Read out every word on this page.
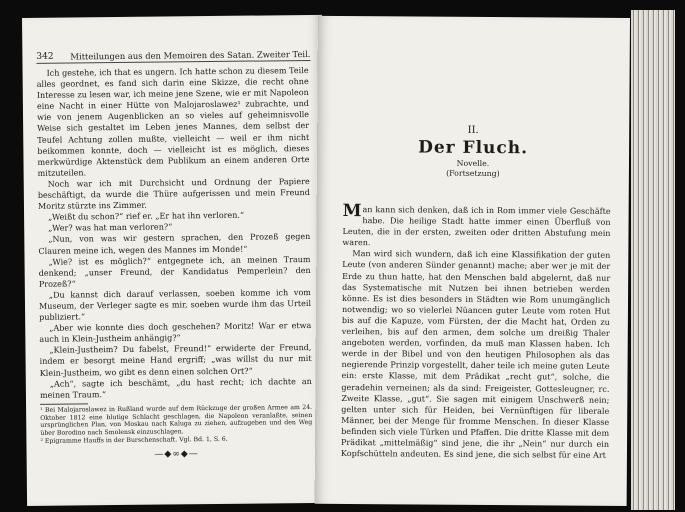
342 Mitteilungen aus den Memoiren des Satan. Zweiter Teil.

Ich gestehe, ich that es ungern. Ich hatte schon zu diesem Teile alles geordnet, es fand sich darin eine Skizze, die recht ohne Interesse zu lesen war, ich meine jene Szene, wie er mit Napoleon eine Nacht in einer Hütte von Malojaroslawez¹ zubrachte, und wie von jenem Augenblicken an so vieles auf geheimnisvolle Weise sich gestaltet im Leben jenes Mannes, dem selbst der Teufel Achtung zollen mußte, vielleicht — weil er ihm nicht beikommen konnte, doch — vielleicht ist es möglich, dieses merkwürdige Aktenstück dem Publikum an einem anderen Orte mitzuteilen.

Noch war ich mit Durchsicht und Ordnung der Papiere beschäftigt, da wurde die Thüre aufgerissen und mein Freund Moritz stürzte ins Zimmer.

„Weißt du schon?“ rief er. „Er hat ihn verloren.“

„Wer? was hat man verloren?“

„Nun, von was wir gestern sprachen, den Prozeß gegen Clauren meine ich, wegen des Mannes im Monde!“

„Wie? ist es möglich?“ entgegnete ich, an meinen Traum denkend; „unser Freund, der Kandidatus Pemperlein? den Prozeß?“

„Du kannst dich darauf verlassen, soeben komme ich vom Museum, der Verleger sagte es mir, soeben wurde ihm das Urteil publiziert.“

„Aber wie konnte dies doch geschehen? Moritz! War er etwa auch in Klein-Justheim anhängig?“

„Klein-Justheim? Du fabelst, Freund!“ erwiderte der Freund, indem er besorgt meine Hand ergriff; „was willst du nur mit Klein-Justheim, wo gibt es denn einen solchen Ort?“

„Ach“, sagte ich beschämt, „du hast recht; ich dachte an meinen Traum.“

¹ Bei Malojaroslawez in Rußland wurde auf dem Rückzuge der großen Armee am 24. Oktober 1812 eine blutige Schlacht geschlagen, die Napoleon veranlaßte, seinen ursprünglichen Plan, von Moskau nach Kaluga zu ziehen, aufzugeben und den Weg über Borodino nach Smolensk einzuschlagen.

² Epigramme Hauffs in der Burschenschaft. Vgl. Bd. 1, S. 6.

—◆∞◆—
II.
Der Fluch.
Novelle.
(Fortsetzung)

Man kann sich denken, daß ich in Rom immer viele Geschäfte habe. Die heilige Stadt hatte immer einen Überfluß von Leuten, die in der ersten, zweiten oder dritten Abstufung mein waren.

Man wird sich wundern, daß ich eine Klassifikation der guten Leute (von anderen Sünder genannt) mache; aber wer je mit der Erde zu thun hatte, hat den Menschen bald abgelernt, daß nur das Systematische mit Nutzen bei ihnen betrieben werden könne. Es ist dies besonders in Städten wie Rom unumgänglich notwendig; wo so vielerlei Nüancen guter Leute vom roten Hut bis auf die Kapuze, vom Fürsten, der die Macht hat, Orden zu verleihen, bis auf den armen, dem solche um dreißig Thaler angeboten werden, vorfinden, da muß man Klassen haben. Ich werde in der Bibel und von den heutigen Philosophen als das negierende Prinzip vorgestellt, daher teile ich meine guten Leute ein: erste Klasse, mit dem Prädikat „recht gut“, solche, die geradehin verneinen; als da sind: Freigeister, Gottesleugner, rc. Zweite Klasse, „gut“. Sie sagen mit einigem Unschwerß nein; gelten unter sich für Heiden, bei Vernünftigen für liberale Männer, bei der Menge für fromme Menschen. In dieser Klasse befinden sich viele Türken und Pfaffen. Die dritte Klasse mit dem Prädikat „mittelmäßig“ sind jene, die ihr „Nein“ nur durch ein Kopfschütteln andeuten. Es sind jene, die sich selbst für eine Art
